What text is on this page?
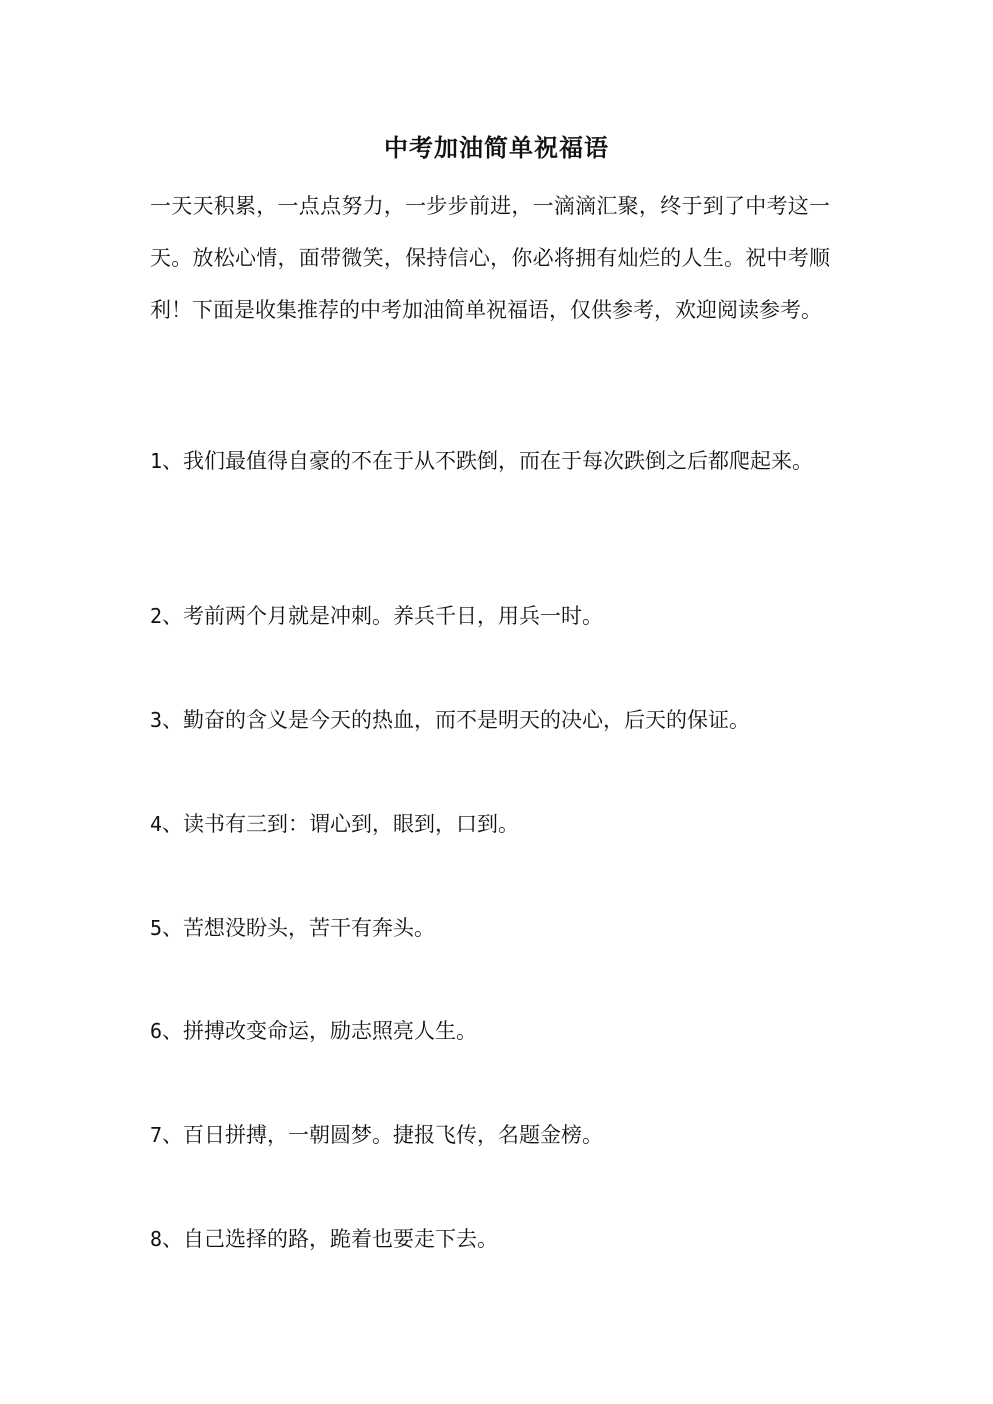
中考加油简单祝福语

一天天积累，一点点努力，一步步前进，一滴滴汇聚，终于到了中考这一天。放松心情，面带微笑，保持信心，你必将拥有灿烂的人生。祝中考顺利！下面是收集推荐的中考加油简单祝福语，仅供参考，欢迎阅读参考。

1、我们最值得自豪的不在于从不跌倒，而在于每次跌倒之后都爬起来。

2、考前两个月就是冲刺。养兵千日，用兵一时。

3、勤奋的含义是今天的热血，而不是明天的决心，后天的保证。

4、读书有三到：谓心到，眼到，口到。

5、苦想没盼头，苦干有奔头。

6、拼搏改变命运，励志照亮人生。

7、百日拼搏，一朝圆梦。捷报飞传，名题金榜。

8、自己选择的路，跪着也要走下去。
